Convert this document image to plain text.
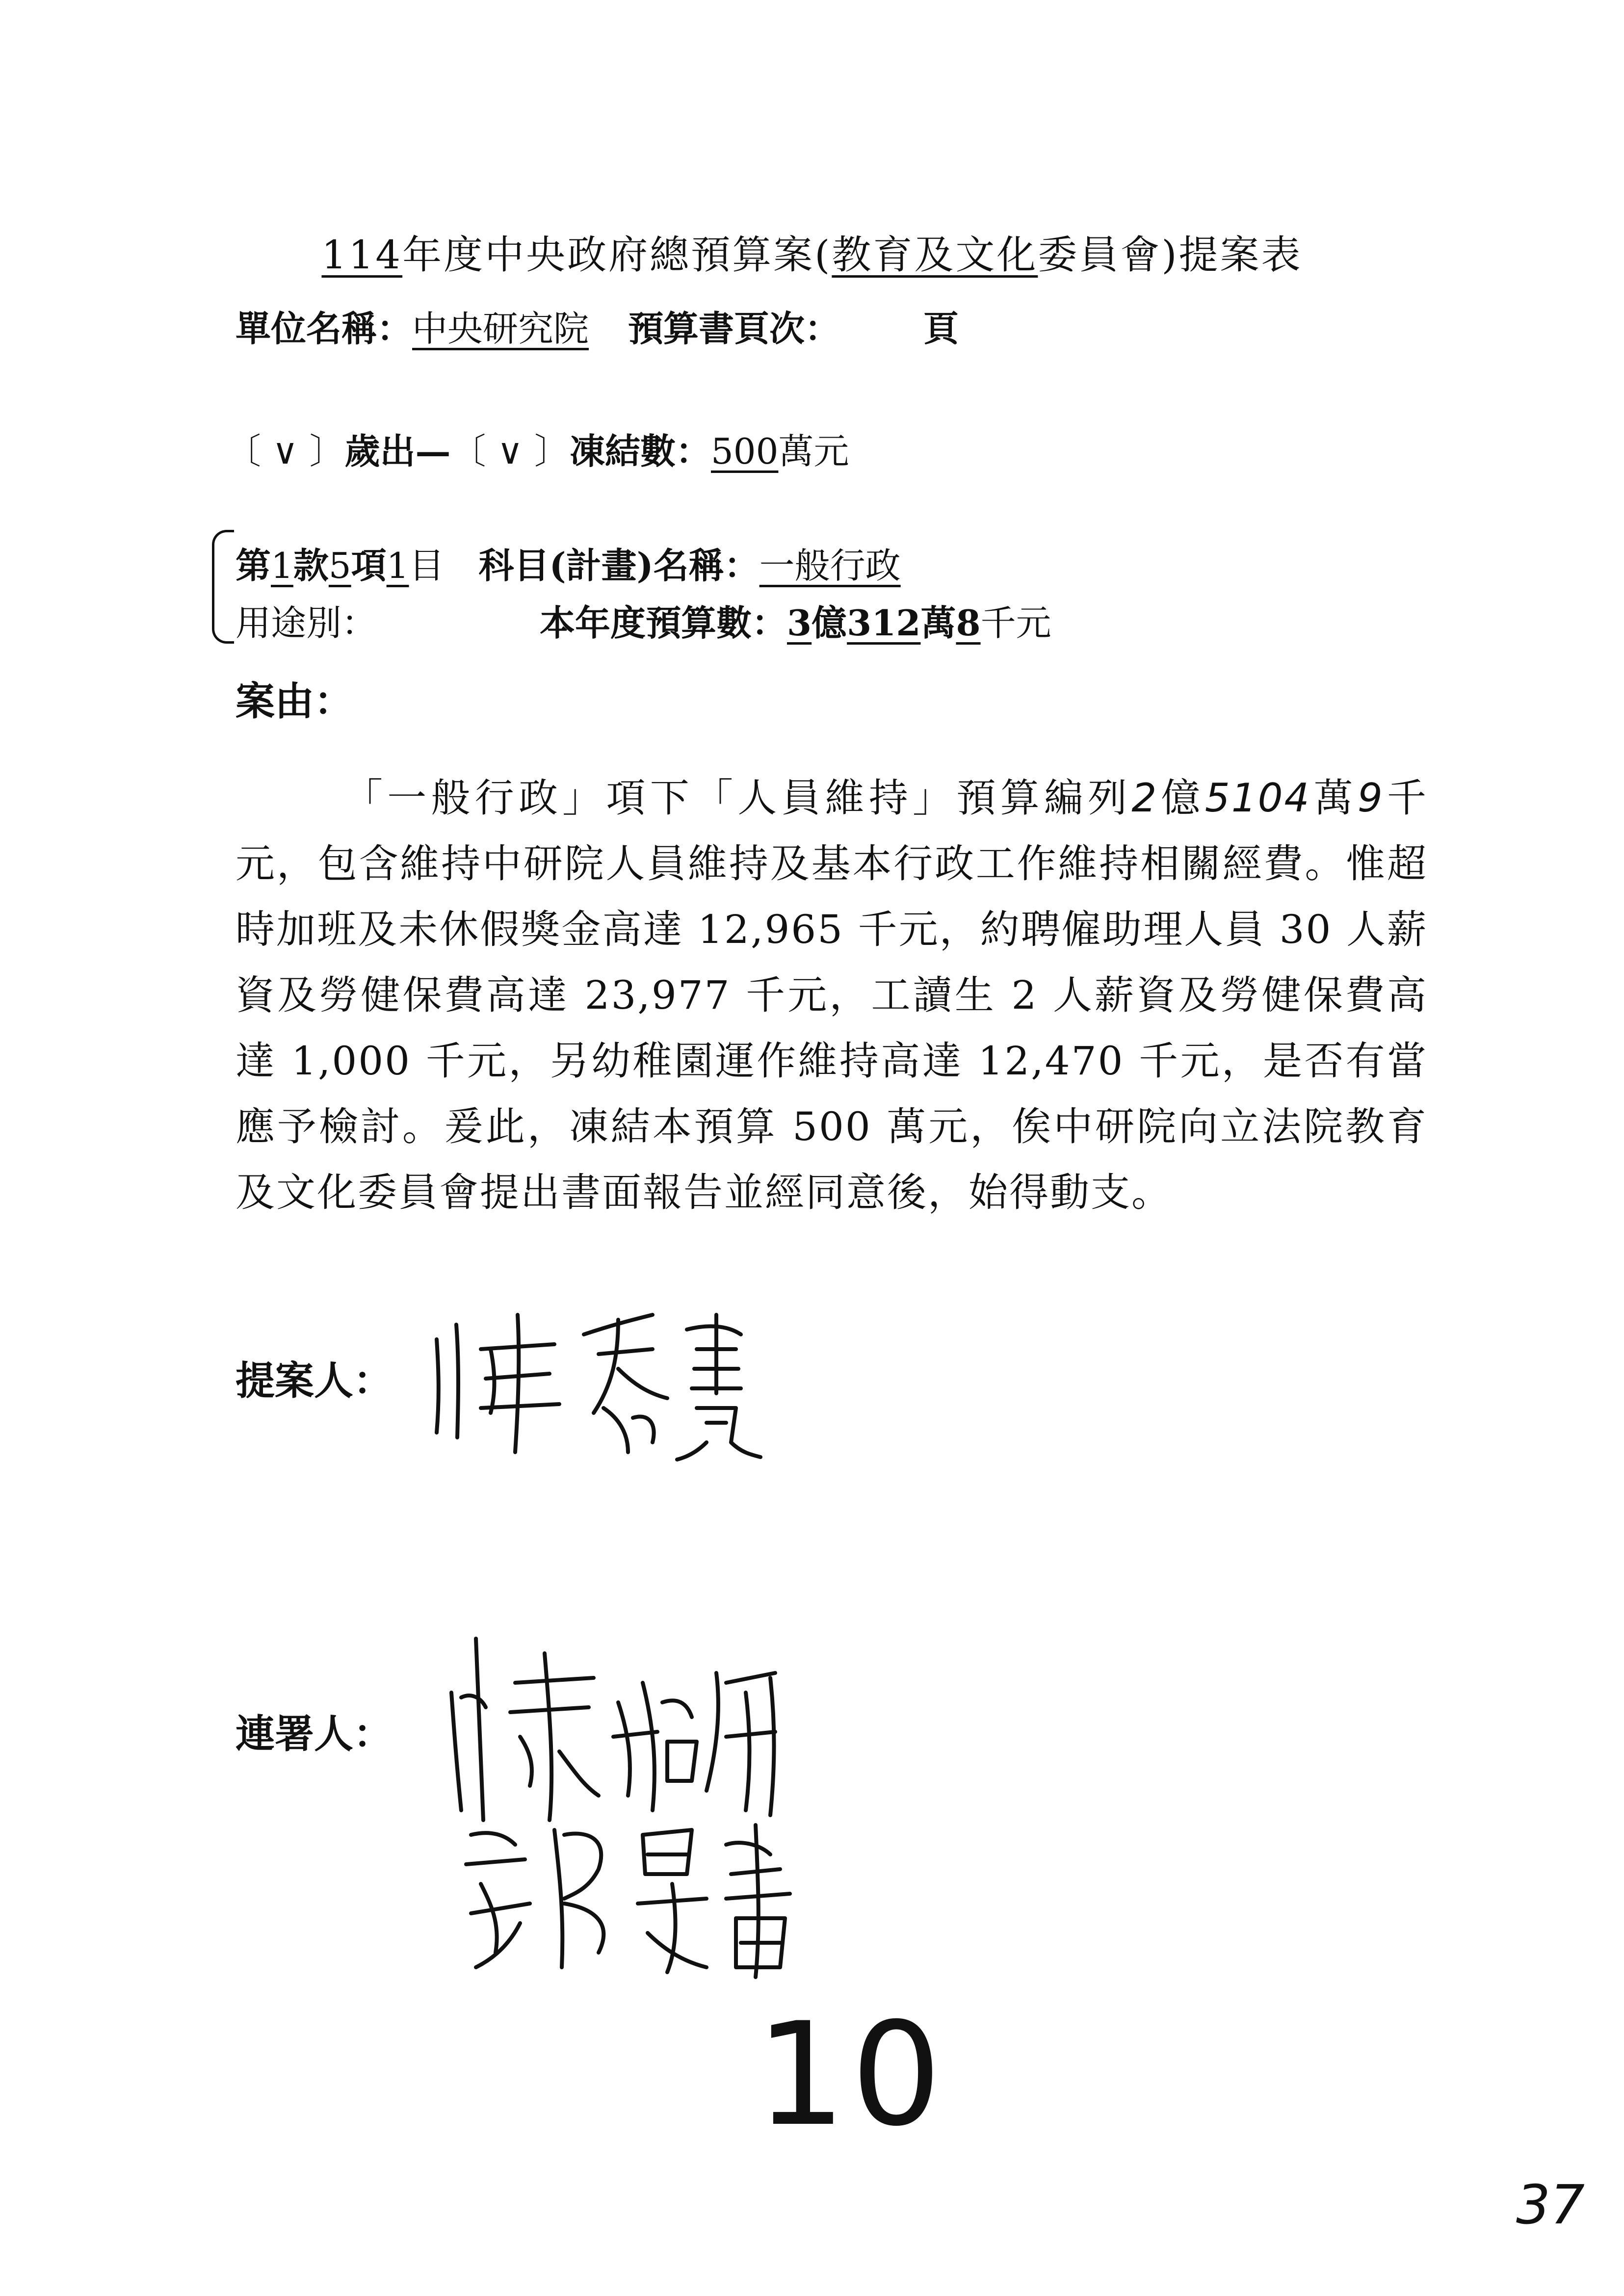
114年度中央政府總預算案(教育及文化委員會)提案表
單位名稱：中央研究院 預算書頁次： 頁
〔 ∨ 〕歲出—〔 ∨ 〕凍結數：500萬元
第1款5項1目 科目(計畫)名稱：一般行政
用途別：	本年度預算數：3億312萬8千元
案由：
「一般行政」項下「人員維持」預算編列2億5104萬9千元，包含維持中研院人員維持及基本行政工作維持相關經費。惟超時加班及未休假獎金高達 12,965 千元，約聘僱助理人員 30 人薪資及勞健保費高達 23,977 千元，工讀生 2 人薪資及勞健保費高達 1,000 千元，另幼稚園運作維持高達 12,470 千元，是否有當應予檢討。爰此，凍結本預算 500 萬元，俟中研院向立法院教育及文化委員會提出書面報告並經同意後，始得動支。
提案人：
連署人：
10
37
